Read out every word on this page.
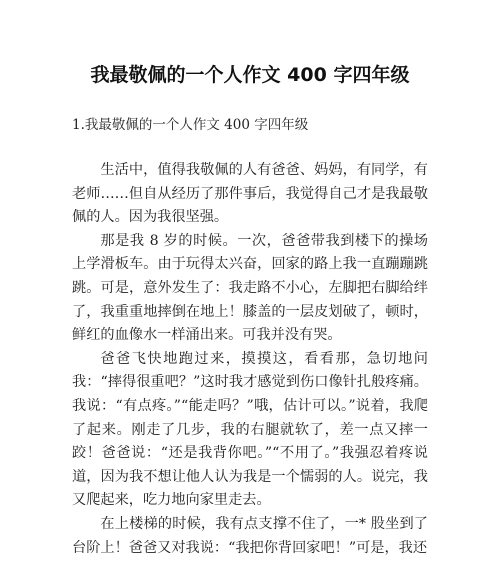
我最敬佩的一个人作文 400 字四年级

1.我最敬佩的一个人作文 400 字四年级

生活中，值得我敬佩的人有爸爸、妈妈，有同学，有老师……但自从经历了那件事后，我觉得自己才是我最敬佩的人。因为我很坚强。

那是我 8 岁的时候。一次，爸爸带我到楼下的操场上学滑板车。由于玩得太兴奋，回家的路上我一直蹦蹦跳跳。可是，意外发生了：我走路不小心，左脚把右脚给绊了，我重重地摔倒在地上！膝盖的一层皮划破了，顿时，鲜红的血像水一样涌出来。可我并没有哭。

爸爸飞快地跑过来，摸摸这，看看那，急切地问我：“摔得很重吧？”这时我才感觉到伤口像针扎般疼痛。我说：“有点疼。”“能走吗？”哦，估计可以。”说着，我爬了起来。刚走了几步，我的右腿就软了，差一点又摔一跤！爸爸说：“还是我背你吧。”“不用了。”我强忍着疼说道，因为我不想让他人认为我是一个懦弱的人。说完，我又爬起来，吃力地向家里走去。

在上楼梯的时候，我有点支撑不住了，一* 股坐到了台阶上！爸爸又对我说：“我把你背回家吧！”可是，我还
